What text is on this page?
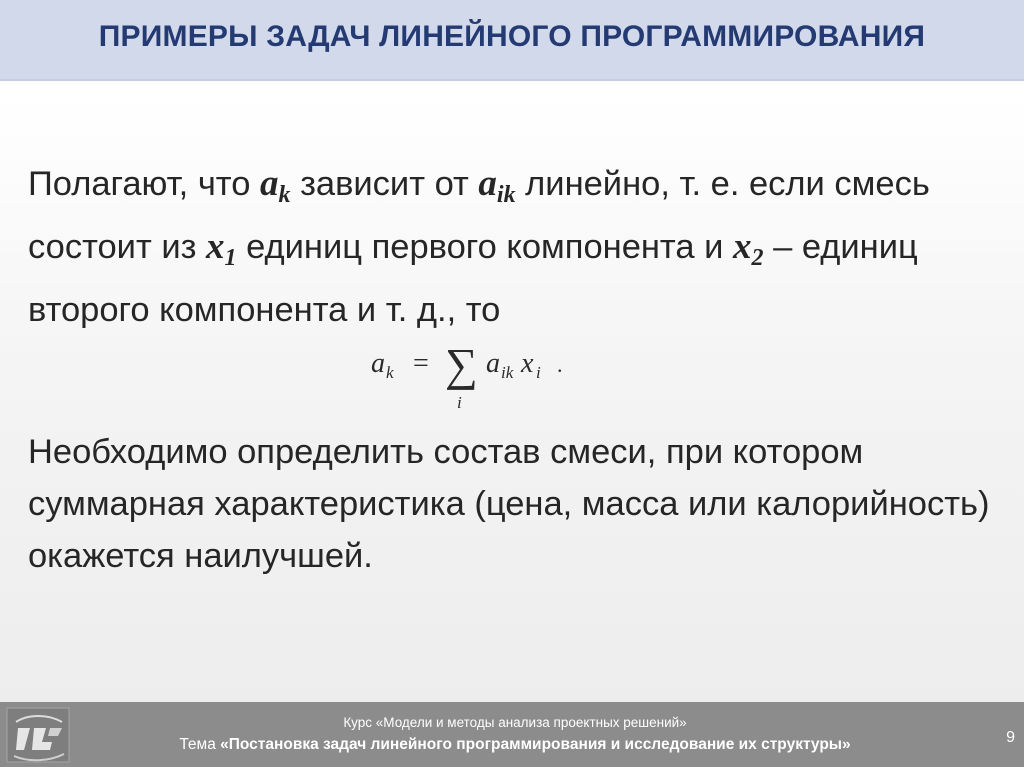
ПРИМЕРЫ ЗАДАЧ ЛИНЕЙНОГО ПРОГРАММИРОВАНИЯ
Полагают, что $a_k$ зависит от $a_{ik}$ линейно, т. е. если смесь состоит из $x_1$ единиц первого компонента и $x_2$ – единиц второго компонента и т. д., то
a k = ∑
i
a ik x i .
Необходимо определить состав смеси, при котором суммарная характеристика (цена, масса или калорийность) окажется наилучшей.
Курс «Модели и методы анализа проектных решений»
Тема «Постановка задач линейного программирования и исследование их структуры»	9
